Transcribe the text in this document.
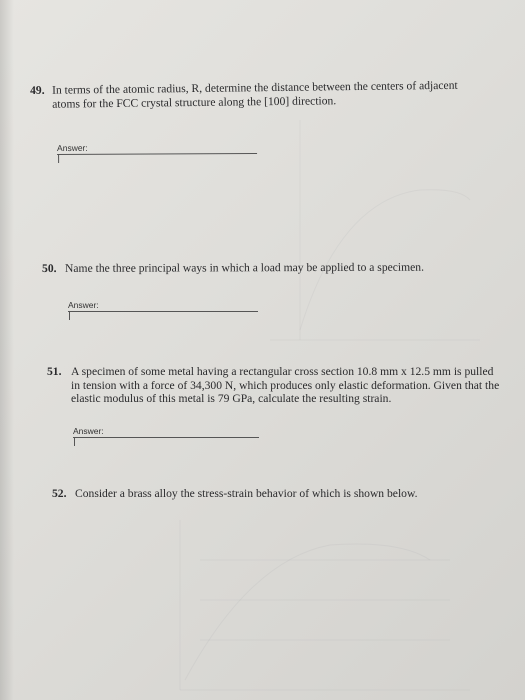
49. In terms of the atomic radius, R, determine the distance between the centers of adjacent
atoms for the FCC crystal structure along the [100] direction.
Answer:
50. Name the three principal ways in which a load may be applied to a specimen.
Answer:
51. A specimen of some metal having a rectangular cross section 10.8 mm x 12.5 mm is pulled
in tension with a force of 34,300 N, which produces only elastic deformation. Given that the
elastic modulus of this metal is 79 GPa, calculate the resulting strain.
Answer:
52. Consider a brass alloy the stress-strain behavior of which is shown below.
